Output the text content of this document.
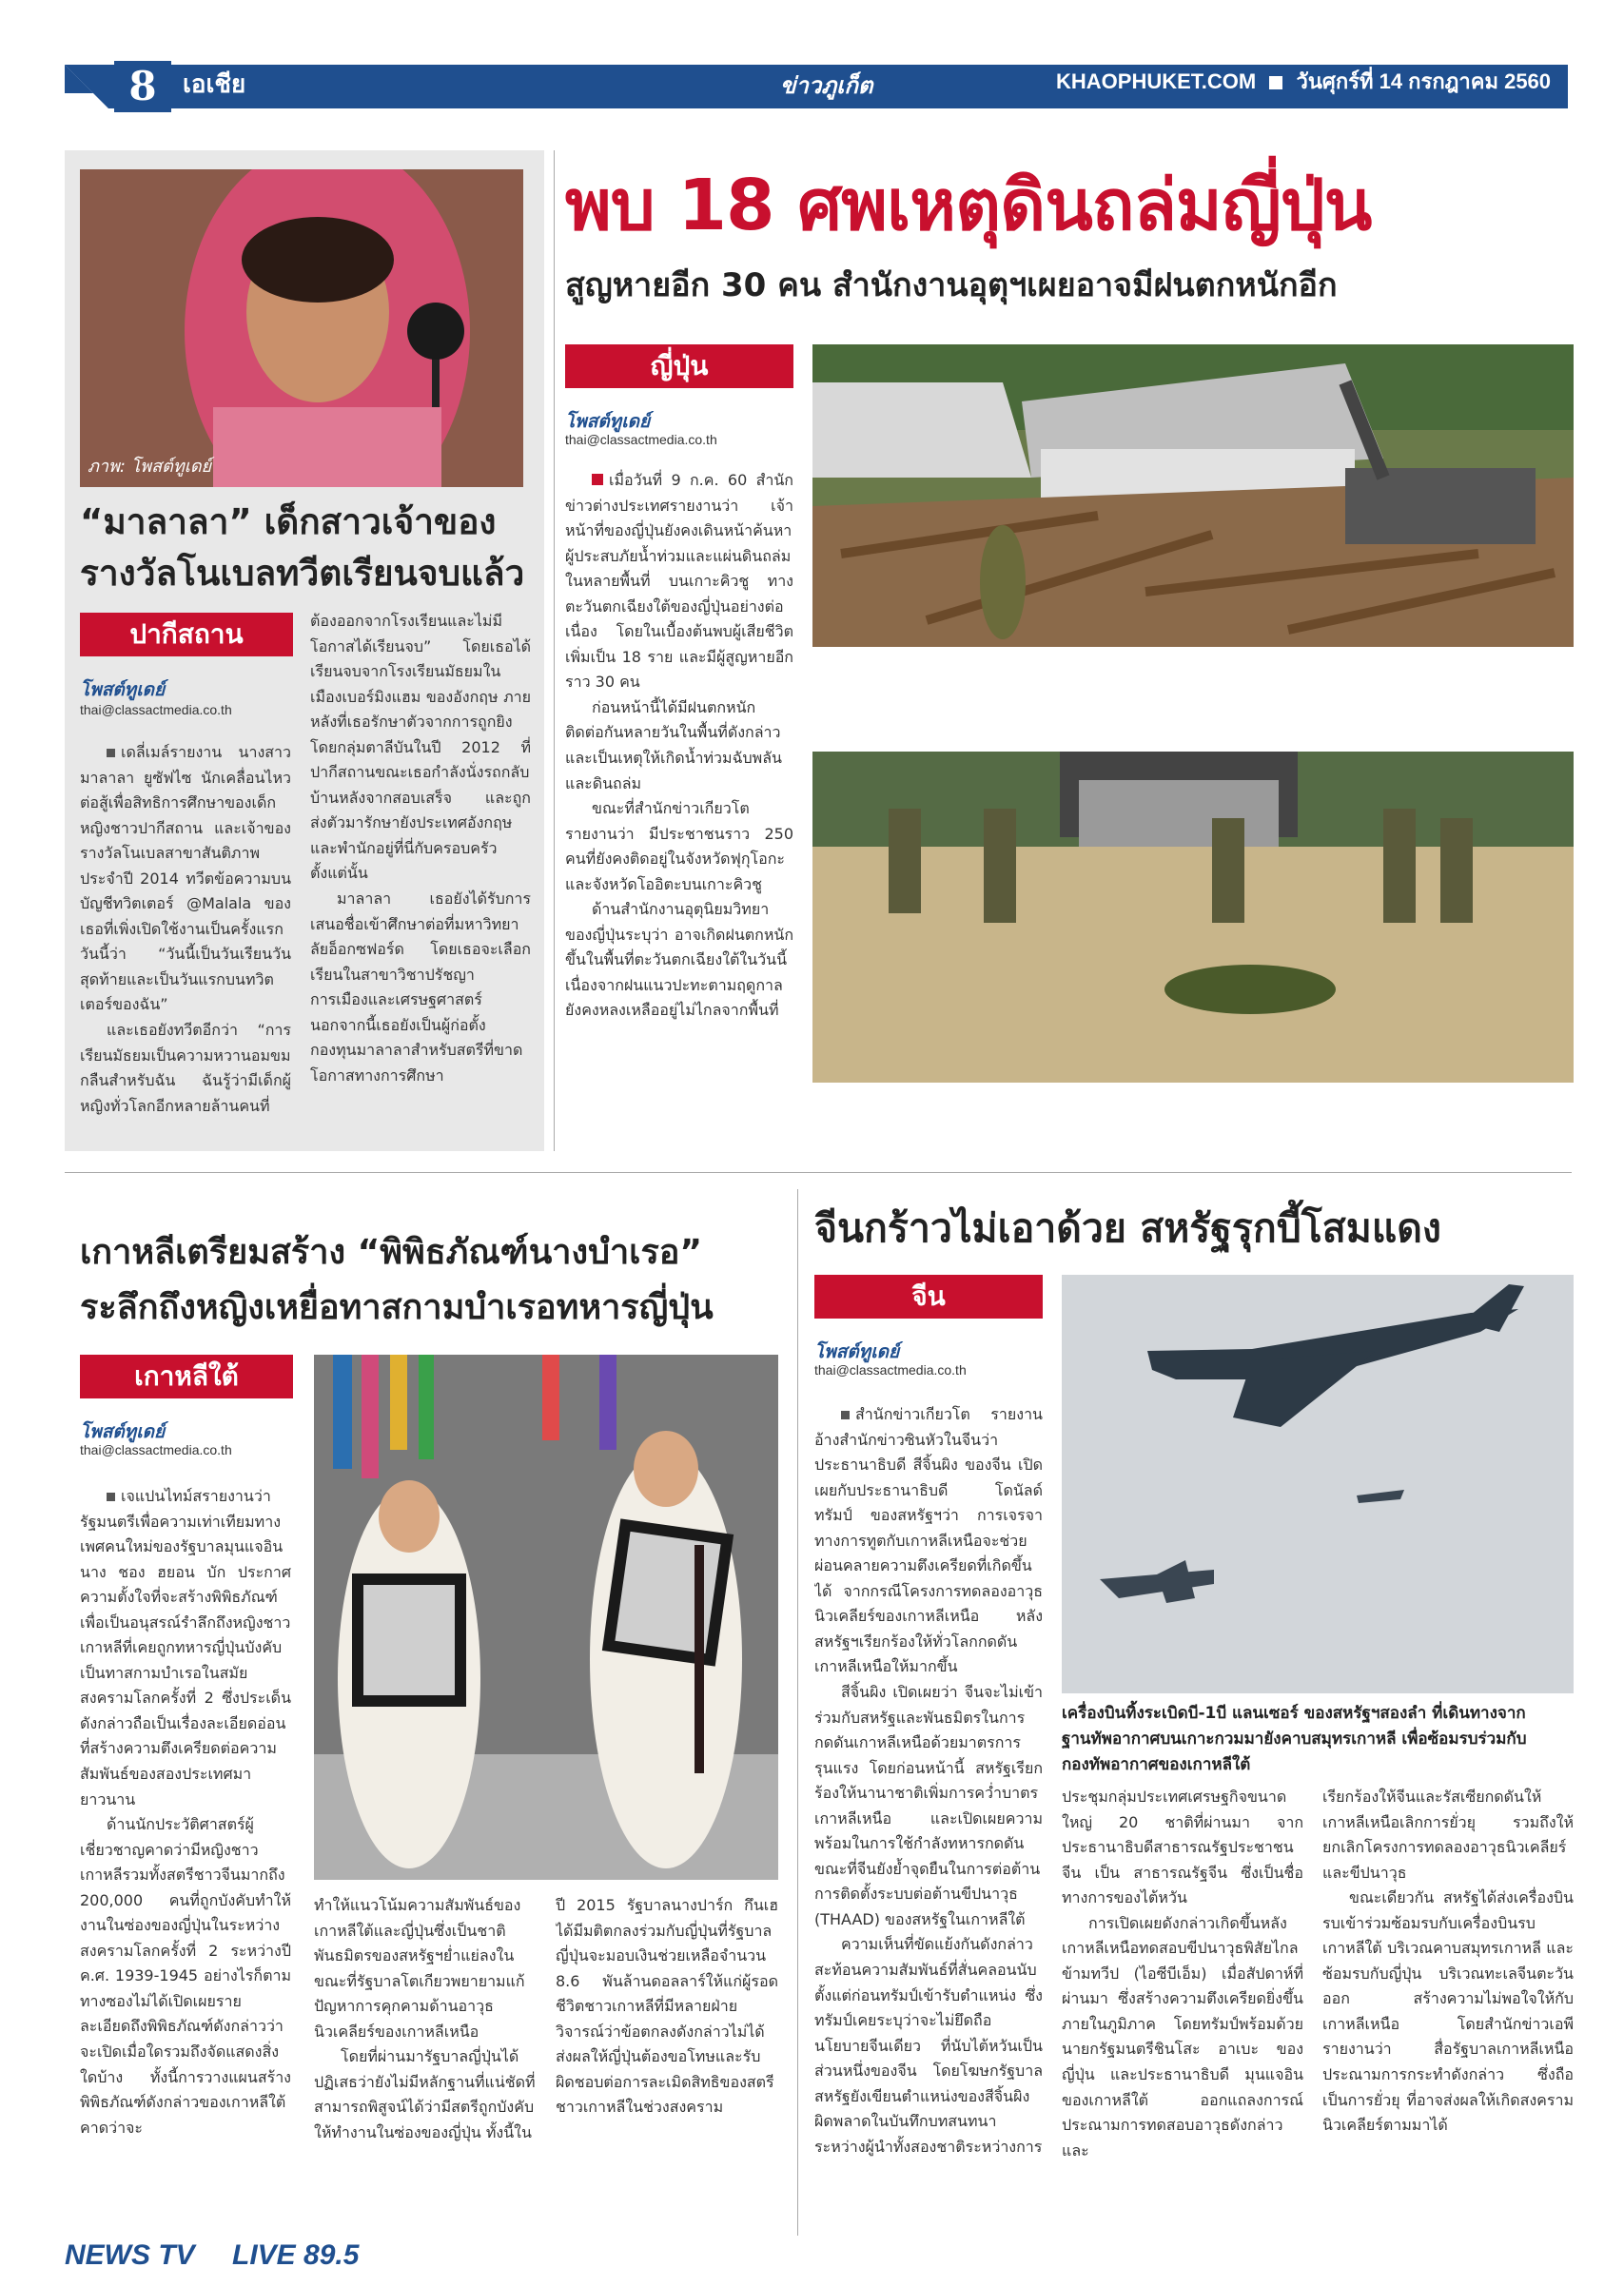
8	เอเชีย	ข่าวภูเก็ต	KHAOPHUKET.COM วันศุกร์ที่ 14 กรกฎาคม 2560
ภาพ: โพสต์ทูเดย์
“มาลาลา” เด็กสาวเจ้าของ
รางวัลโนเบลทวีตเรียนจบแล้ว
ปากีสถาน
โพสต์ทูเดย์
thai@classactmedia.co.th

เดลี่เมล์รายงาน นางสาวมาลาลา ยูซัฟไซ นักเคลื่อนไหวต่อสู้เพื่อสิทธิการศึกษาของเด็กหญิงชาวปากีสถาน และเจ้าของรางวัลโนเบลสาขาสันติภาพประจำปี 2014 ทวีตข้อความบนบัญชีทวิตเตอร์ @Malala ของเธอที่เพิ่งเปิดใช้งานเป็นครั้งแรกวันนี้ว่า “วันนี้เป็นวันเรียนวันสุดท้ายและเป็นวันแรกบนทวิตเตอร์ของฉัน”

และเธอยังทวีตอีกว่า “การเรียนมัธยมเป็นความหวานอมขมกลืนสำหรับฉัน ฉันรู้ว่ามีเด็กผู้หญิงทั่วโลกอีกหลายล้านคนที่

ต้องออกจากโรงเรียนและไม่มีโอกาสได้เรียนจบ” โดยเธอได้เรียนจบจากโรงเรียนมัธยมในเมืองเบอร์มิงแฮม ของอังกฤษ ภายหลังที่เธอรักษาตัวจากการถูกยิงโดยกลุ่มตาลีบันในปี 2012 ที่ปากีสถานขณะเธอกำลังนั่งรถกลับบ้านหลังจากสอบเสร็จ และถูกส่งตัวมารักษายังประเทศอังกฤษและพำนักอยู่ที่นี่กับครอบครัวตั้งแต่นั้น

มาลาลา เธอยังได้รับการเสนอชื่อเข้าศึกษาต่อที่มหาวิทยาลัยอ็อกซฟอร์ด โดยเธอจะเลือกเรียนในสาขาวิชาปรัชญา การเมืองและเศรษฐศาสตร์ นอกจากนี้เธอยังเป็นผู้ก่อตั้งกองทุนมาลาลาสำหรับสตรีที่ขาดโอกาสทางการศึกษา

พบ 18 ศพเหตุดินถล่มญี่ปุ่น
สูญหายอีก 30 คน สำนักงานอุตุฯเผยอาจมีฝนตกหนักอีก
ญี่ปุ่น
โพสต์ทูเดย์
thai@classactmedia.co.th

เมื่อวันที่ 9 ก.ค. 60 สำนักข่าวต่างประเทศรายงานว่า เจ้าหน้าที่ของญี่ปุ่นยังคงเดินหน้าค้นหาผู้ประสบภัยน้ำท่วมและแผ่นดินถล่มในหลายพื้นที่ บนเกาะคิวชู ทางตะวันตกเฉียงใต้ของญี่ปุ่นอย่างต่อเนื่อง โดยในเบื้องต้นพบผู้เสียชีวิตเพิ่มเป็น 18 ราย และมีผู้สูญหายอีกราว 30 คน

ก่อนหน้านี้ได้มีฝนตกหนักติดต่อกันหลายวันในพื้นที่ดังกล่าวและเป็นเหตุให้เกิดน้ำท่วมฉับพลันและดินถล่ม

ขณะที่สำนักข่าวเกียวโตรายงานว่า มีประชาชนราว 250 คนที่ยังคงติดอยู่ในจังหวัดฟุกุโอกะและจังหวัดโออิตะบนเกาะคิวชู

ด้านสำนักงานอุตุนิยมวิทยาของญี่ปุ่นระบุว่า อาจเกิดฝนตกหนักขึ้นในพื้นที่ตะวันตกเฉียงใต้ในวันนี้ เนื่องจากฝนแนวปะทะตามฤดูกาลยังคงหลงเหลืออยู่ไม่ไกลจากพื้นที่

เกาหลีเตรียมสร้าง “พิพิธภัณฑ์นางบำเรอ”
ระลึกถึงหญิงเหยื่อทาสกามบำเรอทหารญี่ปุ่น
เกาหลีใต้
โพสต์ทูเดย์
thai@classactmedia.co.th

เจแปนไทม์สรายงานว่า รัฐมนตรีเพื่อความเท่าเทียมทางเพศคนใหม่ของรัฐบาลมุนแจอิน นาง ชอง ฮยอน บัก ประกาศความตั้งใจที่จะสร้างพิพิธภัณฑ์เพื่อเป็นอนุสรณ์รำลึกถึงหญิงชาวเกาหลีที่เคยถูกทหารญี่ปุ่นบังคับเป็นทาสกามบำเรอในสมัยสงครามโลกครั้งที่ 2 ซึ่งประเด็นดังกล่าวถือเป็นเรื่องละเอียดอ่อนที่สร้างความตึงเครียดต่อความสัมพันธ์ของสองประเทศมายาวนาน

ด้านนักประวัติศาสตร์ผู้เชี่ยวชาญคาดว่ามีหญิงชาวเกาหลีรวมทั้งสตรีชาวจีนมากถึง 200,000 คนที่ถูกบังคับทำให้งานในซ่องของญี่ปุ่นในระหว่างสงครามโลกครั้งที่ 2 ระหว่างปี ค.ศ. 1939-1945 อย่างไรก็ตามทางซองไม่ได้เปิดเผยรายละเอียดถึงพิพิธภัณฑ์ดังกล่าวว่าจะเปิดเมื่อใดรวมถึงจัดแสดงสิ่งใดบ้าง ทั้งนี้การวางแผนสร้างพิพิธภัณฑ์ดังกล่าวของเกาหลีใต้คาดว่าจะ

ทำให้แนวโน้มความสัมพันธ์ของเกาหลีใต้และญี่ปุ่นซึ่งเป็นชาติพันธมิตรของสหรัฐฯย่ำแย่ลงในขณะที่รัฐบาลโตเกียวพยายามแก้ปัญหาการคุกคามด้านอาวุธนิวเคลียร์ของเกาหลีเหนือ

โดยที่ผ่านมารัฐบาลญี่ปุ่นได้ปฏิเสธว่ายังไม่มีหลักฐานที่แน่ชัดที่สามารถพิสูจน์ได้ว่ามีสตรีถูกบังคับให้ทำงานในซ่องของญี่ปุ่น ทั้งนี้ใน

ปี 2015 รัฐบาลนางปาร์ก กึนเฮ ได้มีมติตกลงร่วมกับญี่ปุ่นที่รัฐบาลญี่ปุ่นจะมอบเงินช่วยเหลือจำนวน 8.6 พันล้านดอลลาร์ให้แก่ผู้รอดชีวิตชาวเกาหลีที่มีหลายฝ่ายวิจารณ์ว่าข้อตกลงดังกล่าวไม่ได้ส่งผลให้ญี่ปุ่นต้องขอโทษและรับผิดชอบต่อการละเมิดสิทธิของสตรีชาวเกาหลีในช่วงสงคราม

จีนกร้าวไม่เอาด้วย สหรัฐรุกบี้โสมแดง
จีน
โพสต์ทูเดย์
thai@classactmedia.co.th

สำนักข่าวเกียวโต รายงานอ้างสำนักข่าวซินหัวในจีนว่า ประธานาธิบดี สีจิ้นผิง ของจีน เปิดเผยกับประธานาธิบดี โดนัลด์ ทรัมป์ ของสหรัฐฯว่า การเจรจาทางการทูตกับเกาหลีเหนือจะช่วยผ่อนคลายความตึงเครียดที่เกิดขึ้นได้ จากกรณีโครงการทดลองอาวุธนิวเคลียร์ของเกาหลีเหนือ หลังสหรัฐฯเรียกร้องให้ทั่วโลกกดดันเกาหลีเหนือให้มากขึ้น

สีจิ้นผิง เปิดเผยว่า จีนจะไม่เข้าร่วมกับสหรัฐและพันธมิตรในการกดดันเกาหลีเหนือด้วยมาตรการรุนแรง โดยก่อนหน้านี้ สหรัฐเรียกร้องให้นานาชาติเพิ่มการคว่ำบาตรเกาหลีเหนือ และเปิดเผยความพร้อมในการใช้กำลังทหารกดดัน ขณะที่จีนยังย้ำจุดยืนในการต่อต้านการติดตั้งระบบต่อต้านขีปนาวุธ (THAAD) ของสหรัฐในเกาหลีใต้

ความเห็นที่ขัดแย้งกันดังกล่าวสะท้อนความสัมพันธ์ที่สั่นคลอนนับตั้งแต่ก่อนทรัมป์เข้ารับตำแหน่ง ซึ่งทรัมป์เคยระบุว่าจะไม่ยึดถือนโยบายจีนเดียว ที่นับไต้หวันเป็นส่วนหนึ่งของจีน โดยโฆษกรัฐบาลสหรัฐยังเขียนตำแหน่งของสีจิ้นผิงผิดพลาดในบันทึกบทสนทนาระหว่างผู้นำทั้งสองชาติระหว่างการ

เครื่องบินทิ้งระเบิดบี-1บี แลนเซอร์ ของสหรัฐฯสองลำ ที่เดินทางจากฐานทัพอากาศบนเกาะกวมมายังคาบสมุทรเกาหลี เพื่อซ้อมรบร่วมกับกองทัพอากาศของเกาหลีใต้

ประชุมกลุ่มประเทศเศรษฐกิจขนาดใหญ่ 20 ชาติที่ผ่านมา จากประธานาธิบดีสาธารณรัฐประชาชนจีน เป็น สาธารณรัฐจีน ซึ่งเป็นชื่อทางการของไต้หวัน

การเปิดเผยดังกล่าวเกิดขึ้นหลังเกาหลีเหนือทดสอบขีปนาวุธพิสัยไกลข้ามทวีป (ไอซีบีเอ็ม) เมื่อสัปดาห์ที่ผ่านมา ซึ่งสร้างความตึงเครียดยิ่งขึ้นภายในภูมิภาค โดยทรัมป์พร้อมด้วยนายกรัฐมนตรีชินโสะ อาเบะ ของญี่ปุ่น และประธานาธิบดี มุนแจอิน ของเกาหลีใต้ ออกแถลงการณ์ประณามการทดสอบอาวุธดังกล่าวและ

เรียกร้องให้จีนและรัสเซียกดดันให้เกาหลีเหนือเลิกการยั่วยุ รวมถึงให้ยกเลิกโครงการทดลองอาวุธนิวเคลียร์และขีปนาวุธ

ขณะเดียวกัน สหรัฐได้ส่งเครื่องบินรบเข้าร่วมซ้อมรบกับเครื่องบินรบเกาหลีใต้ บริเวณคาบสมุทรเกาหลี และซ้อมรบกับญี่ปุ่น บริเวณทะเลจีนตะวันออก สร้างความไม่พอใจให้กับเกาหลีเหนือ โดยสำนักข่าวเอพี รายงานว่า สื่อรัฐบาลเกาหลีเหนือประณามการกระทำดังกล่าว ซึ่งถือเป็นการยั่วยุ ที่อาจส่งผลให้เกิดสงครามนิวเคลียร์ตามมาได้

NEWS TV LIVE 89.5
